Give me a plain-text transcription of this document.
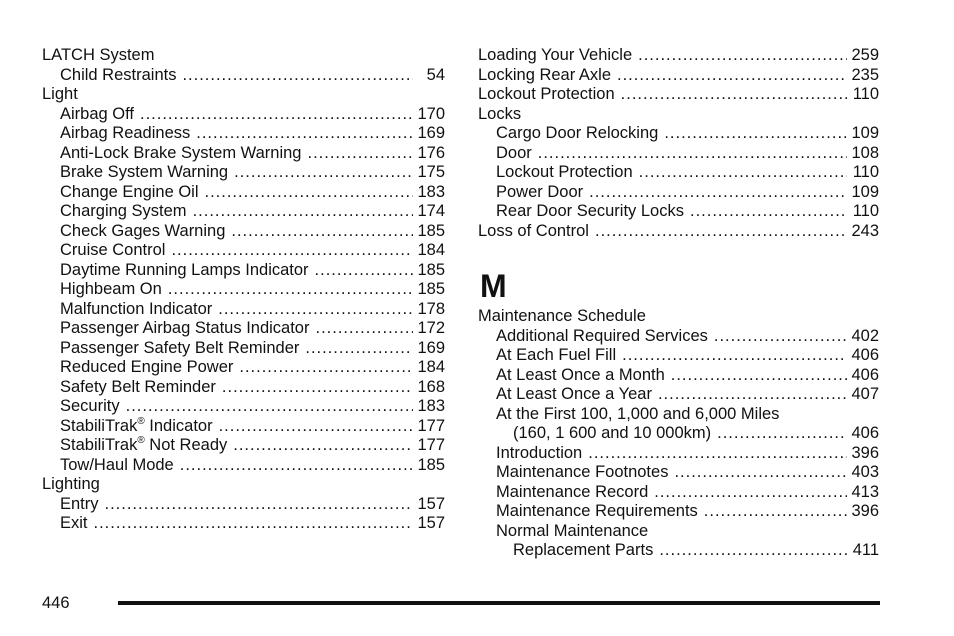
LATCH System
Child Restraints .....	54
Light
Airbag Off .....	170
Airbag Readiness .....	169
Anti-Lock Brake System Warning .....	176
Brake System Warning .....	175
Change Engine Oil .....	183
Charging System .....	174
Check Gages Warning .....	185
Cruise Control .....	184
Daytime Running Lamps Indicator .....	185
Highbeam On .....	185
Malfunction Indicator .....	178
Passenger Airbag Status Indicator .....	172
Passenger Safety Belt Reminder .....	169
Reduced Engine Power .....	184
Safety Belt Reminder .....	168
Security .....	183
StabiliTrak® Indicator .....	177
StabiliTrak® Not Ready .....	177
Tow/Haul Mode .....	185
Lighting
Entry .....	157
Exit .....	157
Loading Your Vehicle .....	259
Locking Rear Axle .....	235
Lockout Protection .....	110
Locks
Cargo Door Relocking .....	109
Door .....	108
Lockout Protection .....	110
Power Door .....	109
Rear Door Security Locks .....	110
Loss of Control .....	243
M
Maintenance Schedule
Additional Required Services .....	402
At Each Fuel Fill .....	406
At Least Once a Month .....	406
At Least Once a Year .....	407
At the First 100, 1,000 and 6,000 Miles
(160, 1 600 and 10 000km) .....	406
Introduction .....	396
Maintenance Footnotes .....	403
Maintenance Record .....	413
Maintenance Requirements .....	396
Normal Maintenance
Replacement Parts .....	411
446
